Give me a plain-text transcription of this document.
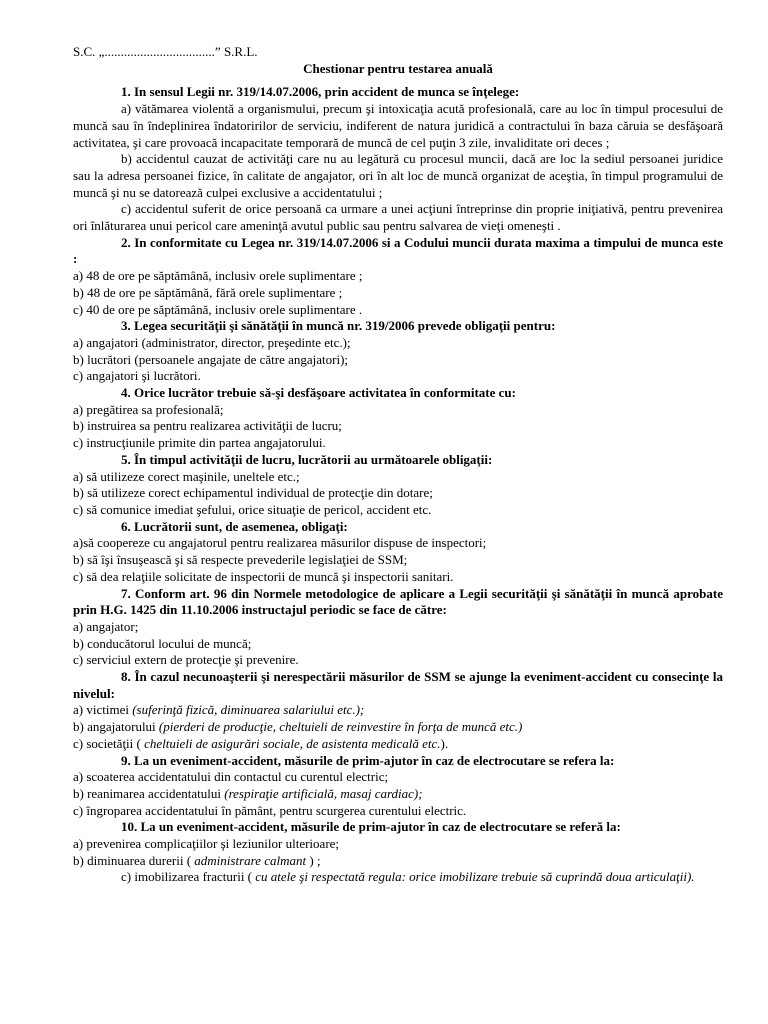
S.C. „..................................” S.R.L.

Chestionar pentru testarea anuală

1. In sensul Legii nr. 319/14.07.2006, prin accident de munca se înţelege:

a) vătămarea violentă a organismului, precum şi intoxicaţia acută profesională, care au loc în timpul procesului de muncă sau în îndeplinirea îndatoririlor de serviciu, indiferent de natura juridică a contractului în baza căruia se desfăşoară activitatea, şi care provoacă incapacitate temporară de muncă de cel puţin 3 zile, invaliditate ori deces ;

b) accidentul cauzat de activităţi care nu au legătură cu procesul muncii, dacă are loc la sediul persoanei juridice sau la adresa persoanei fizice, în calitate de angajator, ori în alt loc de muncă organizat de aceştia, în timpul programului de muncă şi nu se datorează culpei exclusive a accidentatului ;

c) accidentul suferit de orice persoană ca urmare a unei acţiuni întreprinse din proprie iniţiativă, pentru prevenirea ori înlăturarea unui pericol care ameninţă avutul public sau pentru salvarea de vieţi omeneşti .

2. In conformitate cu Legea nr. 319/14.07.2006 si a Codului muncii durata maxima a timpului de munca este :

a) 48 de ore pe săptămână, inclusiv orele suplimentare ;

b) 48 de ore pe săptămână, fără orele suplimentare ;

c) 40 de ore pe săptămână, inclusiv orele suplimentare .

3. Legea securităţii şi sănătăţii în muncă nr. 319/2006 prevede obligaţii pentru:

a) angajatori (administrator, director, preşedinte etc.);

b) lucrători (persoanele angajate de către angajatori);

c) angajatori şi lucrători.

4. Orice lucrător trebuie să-şi desfăşoare activitatea în conformitate cu:

a) pregătirea sa profesională;

b) instruirea sa pentru realizarea activităţii de lucru;

c) instrucţiunile primite din partea angajatorului.

5. În timpul activităţii de lucru, lucrătorii au următoarele obligaţii:

a) să utilizeze corect maşinile, uneltele etc.;

b) să utilizeze corect echipamentul individual de protecţie din dotare;

c) să comunice imediat şefului, orice situaţie de pericol, accident etc.

6. Lucrătorii sunt, de asemenea, obligaţi:

a)să coopereze cu angajatorul pentru realizarea măsurilor dispuse de inspectori;

b) să îşi însuşească şi să respecte prevederile legislaţiei de SSM;

c) să dea relaţiile solicitate de inspectorii de muncă şi inspectorii sanitari.

7. Conform art. 96 din Normele metodologice de aplicare a Legii securităţii şi sănătăţii în muncă aprobate prin H.G. 1425 din 11.10.2006 instructajul periodic se face de către:

a) angajator;

b) conducătorul locului de muncă;

c) serviciul extern de protecţie şi prevenire.

8. În cazul necunoaşterii şi nerespectării măsurilor de SSM se ajunge la eveniment-accident cu consecinţe la nivelul:

a) victimei (suferinţă fizică, diminuarea salariului etc.);

b) angajatorului (pierderi de producţie, cheltuieli de reinvestire în forţa de muncă etc.)

c) societăţii ( cheltuieli de asigurări sociale, de asistenta medicală etc.).

9. La un eveniment-accident, măsurile de prim-ajutor în caz de electrocutare se refera la:

a) scoaterea accidentatului din contactul cu curentul electric;

b) reanimarea accidentatului (respiraţie artificială, masaj cardiac);

c) îngroparea accidentatului în pământ, pentru scurgerea curentului electric.

10. La un eveniment-accident, măsurile de prim-ajutor în caz de electrocutare se referă la:

a) prevenirea complicaţiilor şi leziunilor ulterioare;

b) diminuarea durerii ( administrare calmant ) ;

c) imobilizarea fracturii ( cu atele şi respectată regula: orice imobilizare trebuie să cuprindă doua articulaţii).
